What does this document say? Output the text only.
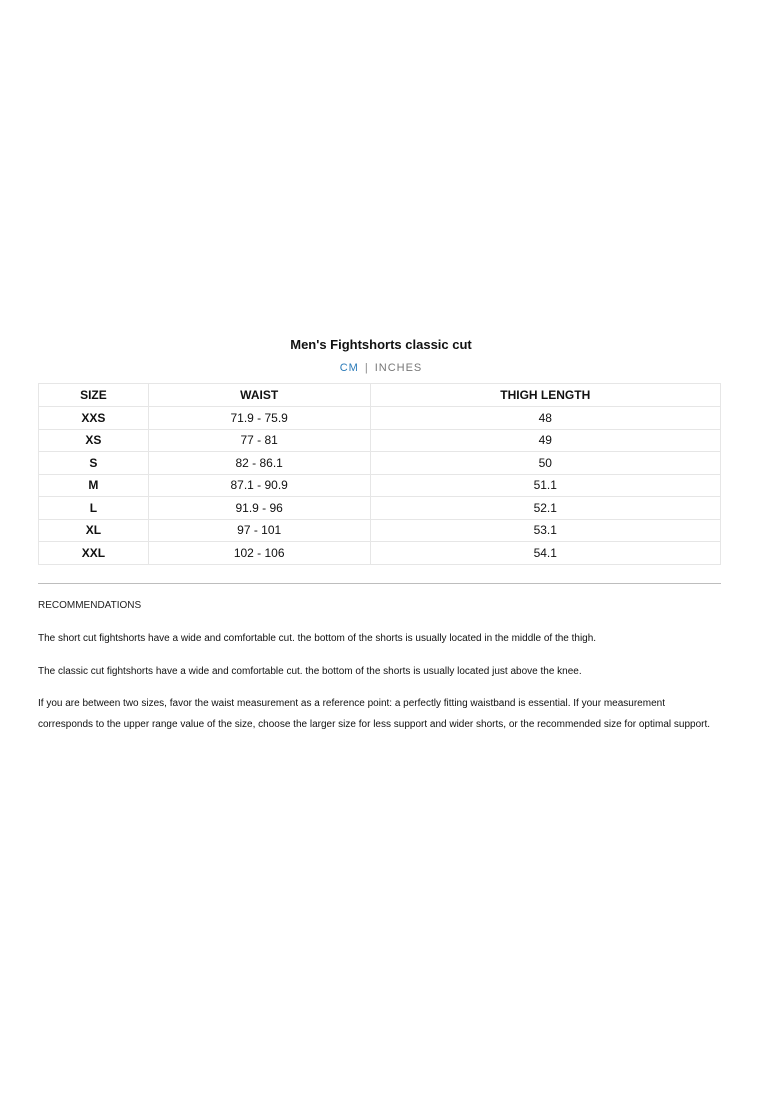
Men's Fightshorts classic cut
CM | INCHES
SIZE	WAIST	THIGH LENGTH
XXS	71.9 - 75.9	48
XS	77 - 81	49
S	82 - 86.1	50
M	87.1 - 90.9	51.1
L	91.9 - 96	52.1
XL	97 - 101	53.1
XXL	102 - 106	54.1
RECOMMENDATIONS

The short cut fightshorts have a wide and comfortable cut. the bottom of the shorts is usually located in the middle of the thigh.

The classic cut fightshorts have a wide and comfortable cut. the bottom of the shorts is usually located just above the knee.

If you are between two sizes, favor the waist measurement as a reference point: a perfectly fitting waistband is essential. If your measurement corresponds to the upper range value of the size, choose the larger size for less support and wider shorts, or the recommended size for optimal support.
